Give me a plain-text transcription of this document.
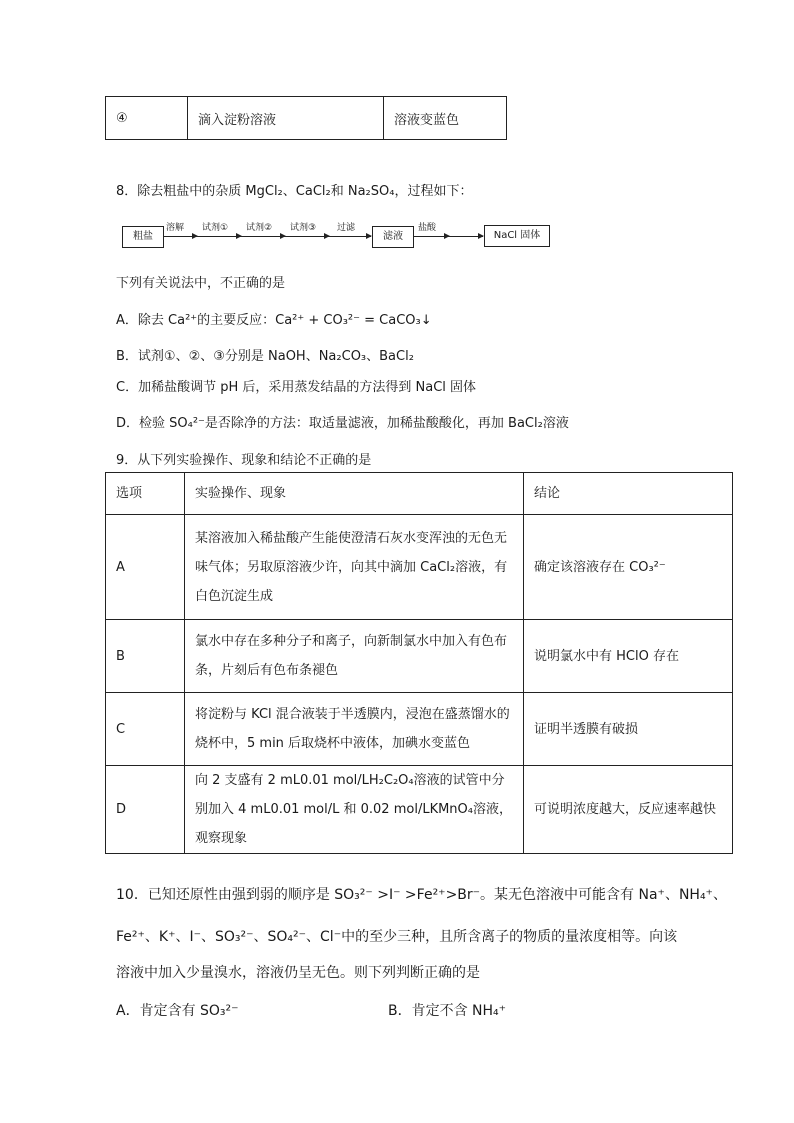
④	滴入淀粉溶液	溶液变蓝色
8．除去粗盐中的杂质 MgCl₂、CaCl₂和 Na₂SO₄，过程如下：
粗盐
溶解 试剂① 试剂② 试剂③ 过滤
滤液
盐酸
NaCl 固体
下列有关说法中，不正确的是
A．除去 Ca²⁺的主要反应：Ca²⁺ + CO₃²⁻ = CaCO₃↓
B．试剂①、②、③分别是 NaOH、Na₂CO₃、BaCl₂
C．加稀盐酸调节 pH 后，采用蒸发结晶的方法得到 NaCl 固体
D．检验 SO₄²⁻是否除净的方法：取适量滤液，加稀盐酸酸化，再加 BaCl₂溶液
9．从下列实验操作、现象和结论不正确的是
选项	实验操作、现象	结论
A	某溶液加入稀盐酸产生能使澄清石灰水变浑浊的无色无味气体；另取原溶液少许，向其中滴加 CaCl₂溶液，有白色沉淀生成	确定该溶液存在 CO₃²⁻
B	氯水中存在多种分子和离子，向新制氯水中加入有色布条，片刻后有色布条褪色	说明氯水中有 HClO 存在
C	将淀粉与 KCl 混合液装于半透膜内，浸泡在盛蒸馏水的烧杯中，5 min 后取烧杯中液体，加碘水变蓝色	证明半透膜有破损
D	向 2 支盛有 2 mL0.01 mol/LH₂C₂O₄溶液的试管中分别加入 4 mL0.01 mol/L 和 0.02 mol/LKMnO₄溶液，观察现象	可说明浓度越大，反应速率越快
10．已知还原性由强到弱的顺序是 SO₃²⁻ >I⁻ >Fe²⁺>Br⁻。某无色溶液中可能含有 Na⁺、NH₄⁺、
Fe²⁺、K⁺、I⁻、SO₃²⁻、SO₄²⁻、Cl⁻中的至少三种，且所含离子的物质的量浓度相等。向该
溶液中加入少量溴水，溶液仍呈无色。则下列判断正确的是
A．肯定含有 SO₃²⁻	B．肯定不含 NH₄⁺
